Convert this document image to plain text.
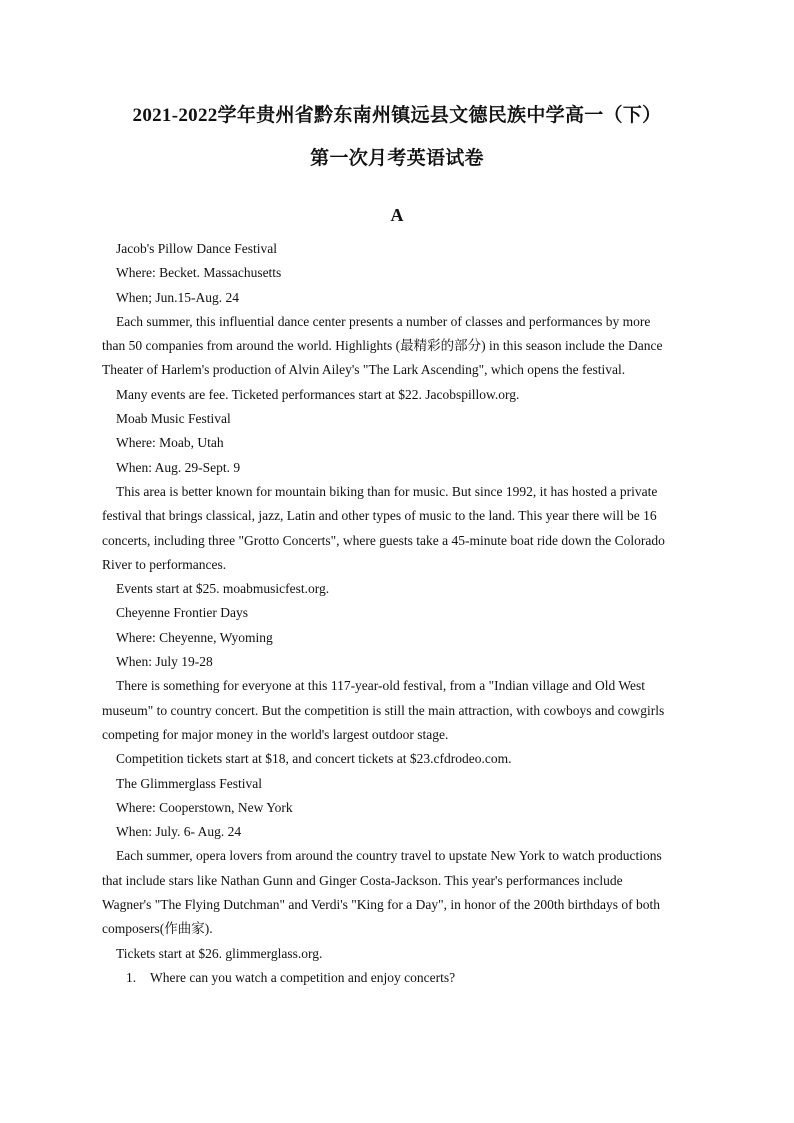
2021-2022学年贵州省黔东南州镇远县文德民族中学高一（下）
第一次月考英语试卷
A
Jacob's Pillow Dance Festival
Where: Becket. Massachusetts
When; Jun.15-Aug. 24
Each summer, this influential dance center presents a number of classes and performances by more
than 50 companies from around the world. Highlights (最精彩的部分) in this season include the Dance
Theater of Harlem's production of Alvin Ailey's "The Lark Ascending", which opens the festival.
Many events are fee. Ticketed performances start at $22. Jacobspillow.org.
Moab Music Festival
Where: Moab, Utah
When: Aug. 29-Sept. 9
This area is better known for mountain biking than for music. But since 1992, it has hosted a private
festival that brings classical, jazz, Latin and other types of music to the land. This year there will be 16
concerts, including three "Grotto Concerts", where guests take a 45-minute boat ride down the Colorado
River to performances.
Events start at $25. moabmusicfest.org.
Cheyenne Frontier Days
Where: Cheyenne, Wyoming
When: July 19-28
There is something for everyone at this 117-year-old festival, from a "Indian village and Old West
museum" to country concert. But the competition is still the main attraction, with cowboys and cowgirls
competing for major money in the world's largest outdoor stage.
Competition tickets start at $18, and concert tickets at $23.cfdrodeo.com.
The Glimmerglass Festival
Where: Cooperstown, New York
When: July. 6- Aug. 24
Each summer, opera lovers from around the country travel to upstate New York to watch productions
that include stars like Nathan Gunn and Ginger Costa-Jackson. This year's performances include
Wagner's "The Flying Dutchman" and Verdi's "King for a Day", in honor of the 200th birthdays of both
composers(作曲家).
Tickets start at $26. glimmerglass.org.
1. Where can you watch a competition and enjoy concerts?
